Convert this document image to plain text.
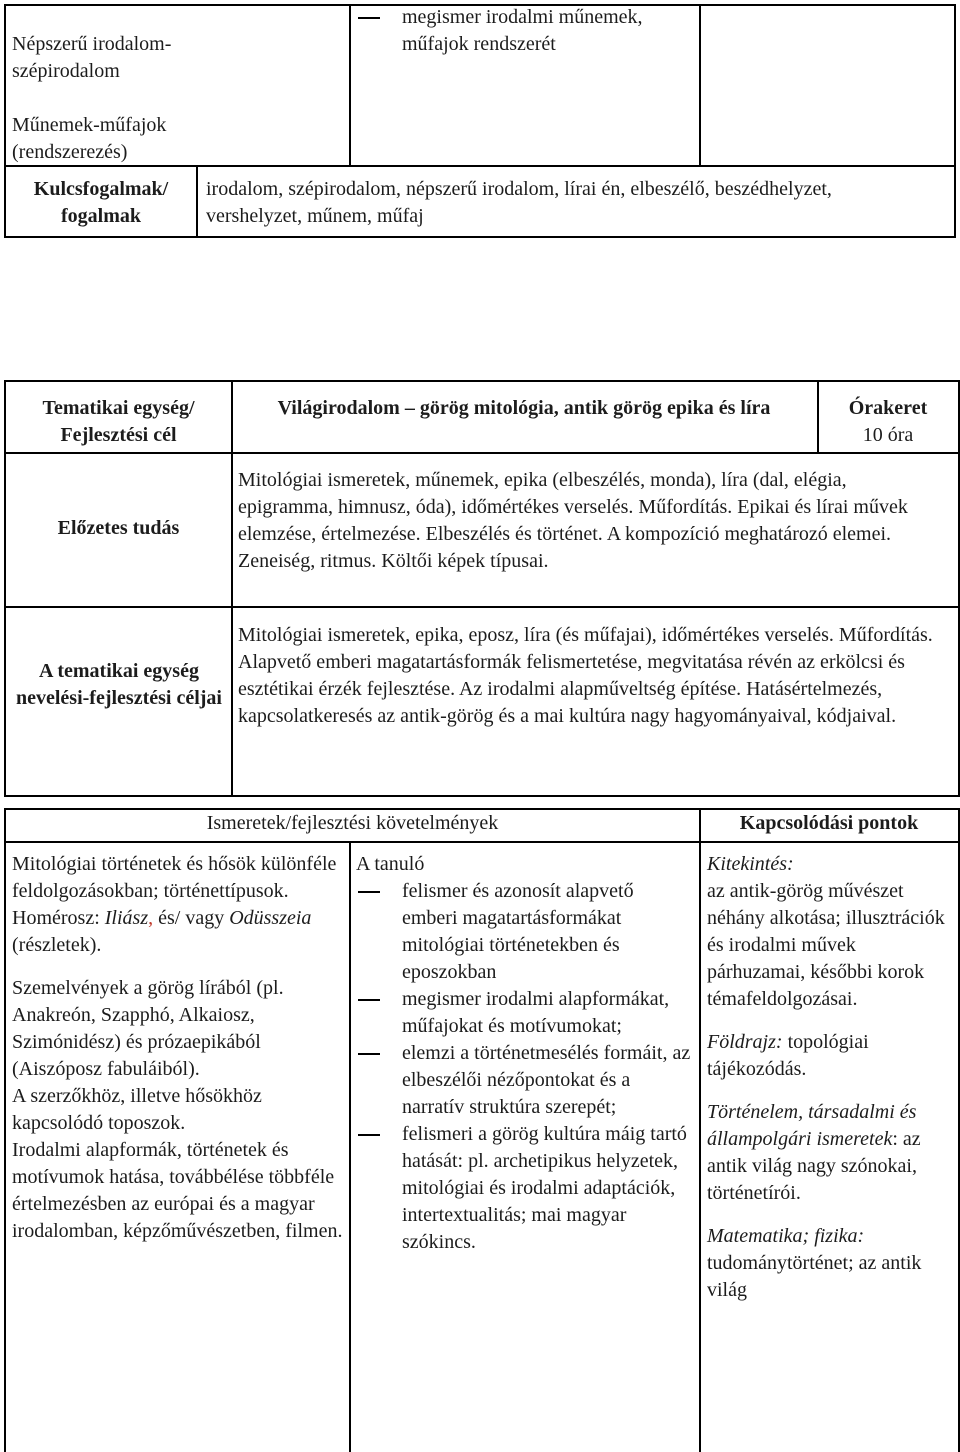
Népszerű irodalom-szépirodalom
Műnemek-műfajok (rendszerezés)
megismer irodalmi műnemek, műfajok rendszerét
Kulcsfogalmak/ fogalmak
irodalom, szépirodalom, népszerű irodalom, lírai én, elbeszélő, beszédhelyzet, vershelyzet, műnem, műfaj
Tematikai egység/ Fejlesztési cél
Világirodalom – görög mitológia, antik görög epika és líra	Órakeret
10 óra
Előzetes tudás
Mitológiai ismeretek, műnemek, epika (elbeszélés, monda), líra (dal, elégia, epigramma, himnusz, óda), időmértékes verselés. Műfordítás. Epikai és lírai művek elemzése, értelmezése. Elbeszélés és történet. A kompozíció meghatározó elemei. Zeneiség, ritmus. Költői képek típusai.
A tematikai egység nevelési-fejlesztési céljai

Mitológiai ismeretek, epika, eposz, líra (és műfajai), időmértékes verselés. Műfordítás.

Alapvető emberi magatartásformák felismertetése, megvitatása révén az erkölcsi és esztétikai érzék fejlesztése. Az irodalmi alapműveltség építése. Hatásértelmezés, kapcsolatkeresés az antik-görög és a mai kultúra nagy hagyományaival, kódjaival.

Ismeretek/fejlesztési követelmények	Kapcsolódási pontok

Mitológiai történetek és hősök különféle feldolgozásokban; történettípusok.

Homérosz: Iliász, és/ vagy Odüsszeia (részletek).

Szemelvények a görög lírából (pl. Anakreón, Szapphó, Alkaiosz, Szimónidész) és prózaepikából (Aiszóposz fabuláiból).

A szerzőkhöz, illetve hősökhöz kapcsolódó toposzok.

Irodalmi alapformák, történetek és motívumok hatása, továbbélése többféle értelmezésben az európai és a magyar irodalomban, képzőművészetben, filmen.

A tanuló

felismer és azonosít alapvető emberi magatartásformákat mitológiai történetekben és eposzokban
megismer irodalmi alapformákat, műfajokat és motívumokat;
elemzi a történetmesélés formáit, az elbeszélői nézőpontokat és a narratív struktúra szerepét;
felismeri a görög kultúra máig tartó hatását: pl. archetipikus helyzetek, mitológiai és irodalmi adaptációk, intertextualitás; mai magyar szókincs.

Kitekintés:
az antik-görög művészet néhány alkotása; illusztrációk és irodalmi művek párhuzamai, későbbi korok témafeldolgozásai.

Földrajz: topológiai tájékozódás.

Történelem, társadalmi és állampolgári ismeretek: az antik világ nagy szónokai, történetírói.

Matematika; fizika: tudománytörténet; az antik világ
